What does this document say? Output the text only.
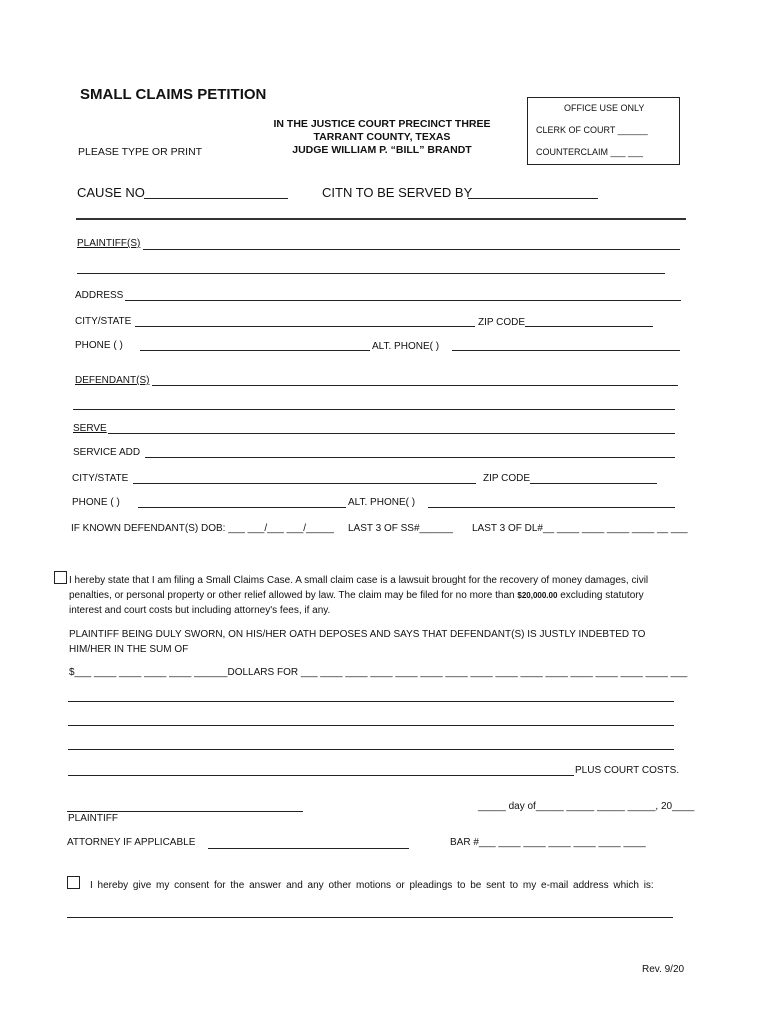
SMALL CLAIMS PETITION
IN THE JUSTICE COURT PRECINCT THREE
TARRANT COUNTY, TEXAS
JUDGE WILLIAM P. “BILL” BRANDT
PLEASE TYPE OR PRINT
OFFICE USE ONLY
CLERK OF COURT ______
COUNTERCLAIM ___ ___
CAUSE NO	CITN TO BE SERVED BY
PLAINTIFF(S)
ADDRESS
CITY/STATE	ZIP CODE
PHONE ( )	ALT. PHONE( )
DEFENDANT(S)
SERVE
SERVICE ADD
CITY/STATE	ZIP CODE
PHONE ( )	ALT. PHONE( )
IF KNOWN DEFENDANT(S) DOB: ___ ___/___ ___/_____ LAST 3 OF SS#______ LAST 3 OF DL#__ ____ ____ ____ ____ __ ___
I hereby state that I am filing a Small Claims Case. A small claim case is a lawsuit brought for the recovery of money damages, civil
penalties, or personal property or other relief allowed by law. The claim may be filed for no more than $20,000.00 excluding statutory
interest and court costs but including attorney's fees, if any.
PLAINTIFF BEING DULY SWORN, ON HIS/HER OATH DEPOSES AND SAYS THAT DEFENDANT(S) IS JUSTLY INDEBTED TO
HIM/HER IN THE SUM OF
$___ ____ ____ ____ ____ ______DOLLARS FOR ___ ____ ____ ____ ____ ____ ____ ____ ____ ____ ____ ____ ____ ____ ____ ___
PLUS COURT COSTS.
_____ day of_____ _____ _____ _____, 20____
PLAINTIFF
ATTORNEY IF APPLICABLE	BAR #___ ____ ____ ____ ____ ____ ____
I hereby give my consent for the answer and any other motions or pleadings to be sent to my e-mail address which is:
Rev. 9/20
